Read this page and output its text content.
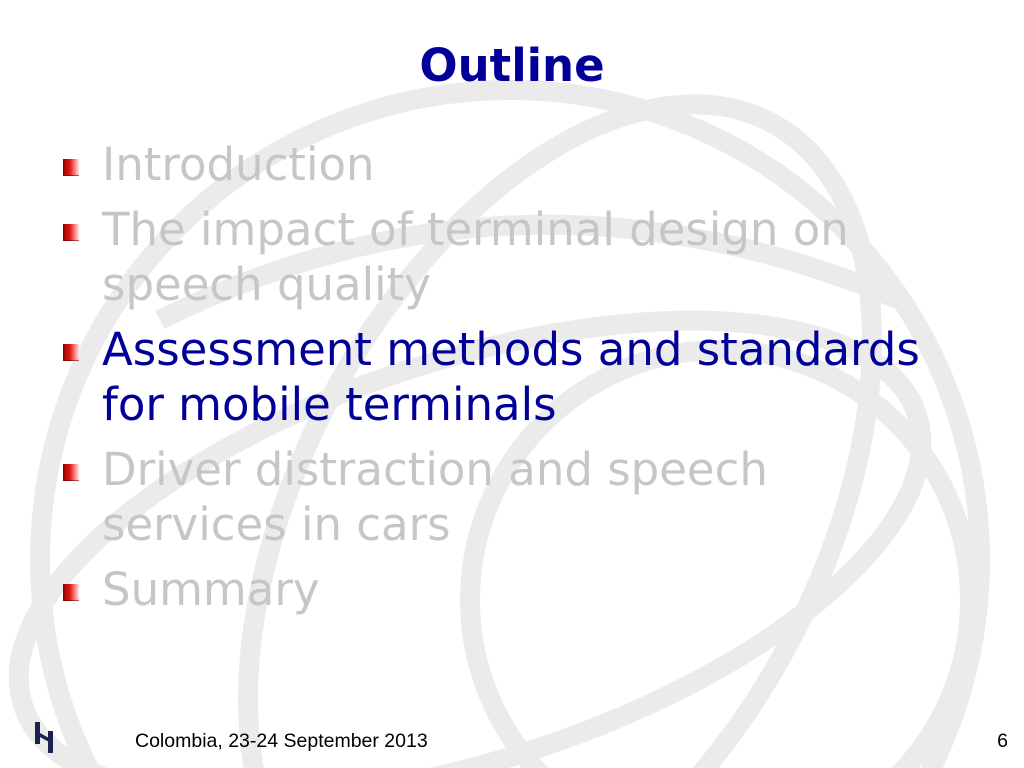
Outline
Introduction
The impact of terminal design on
speech quality
Assessment methods and standards
for mobile terminals
Driver distraction and speech
services in cars
Summary
Colombia, 23-24 September 2013	6
